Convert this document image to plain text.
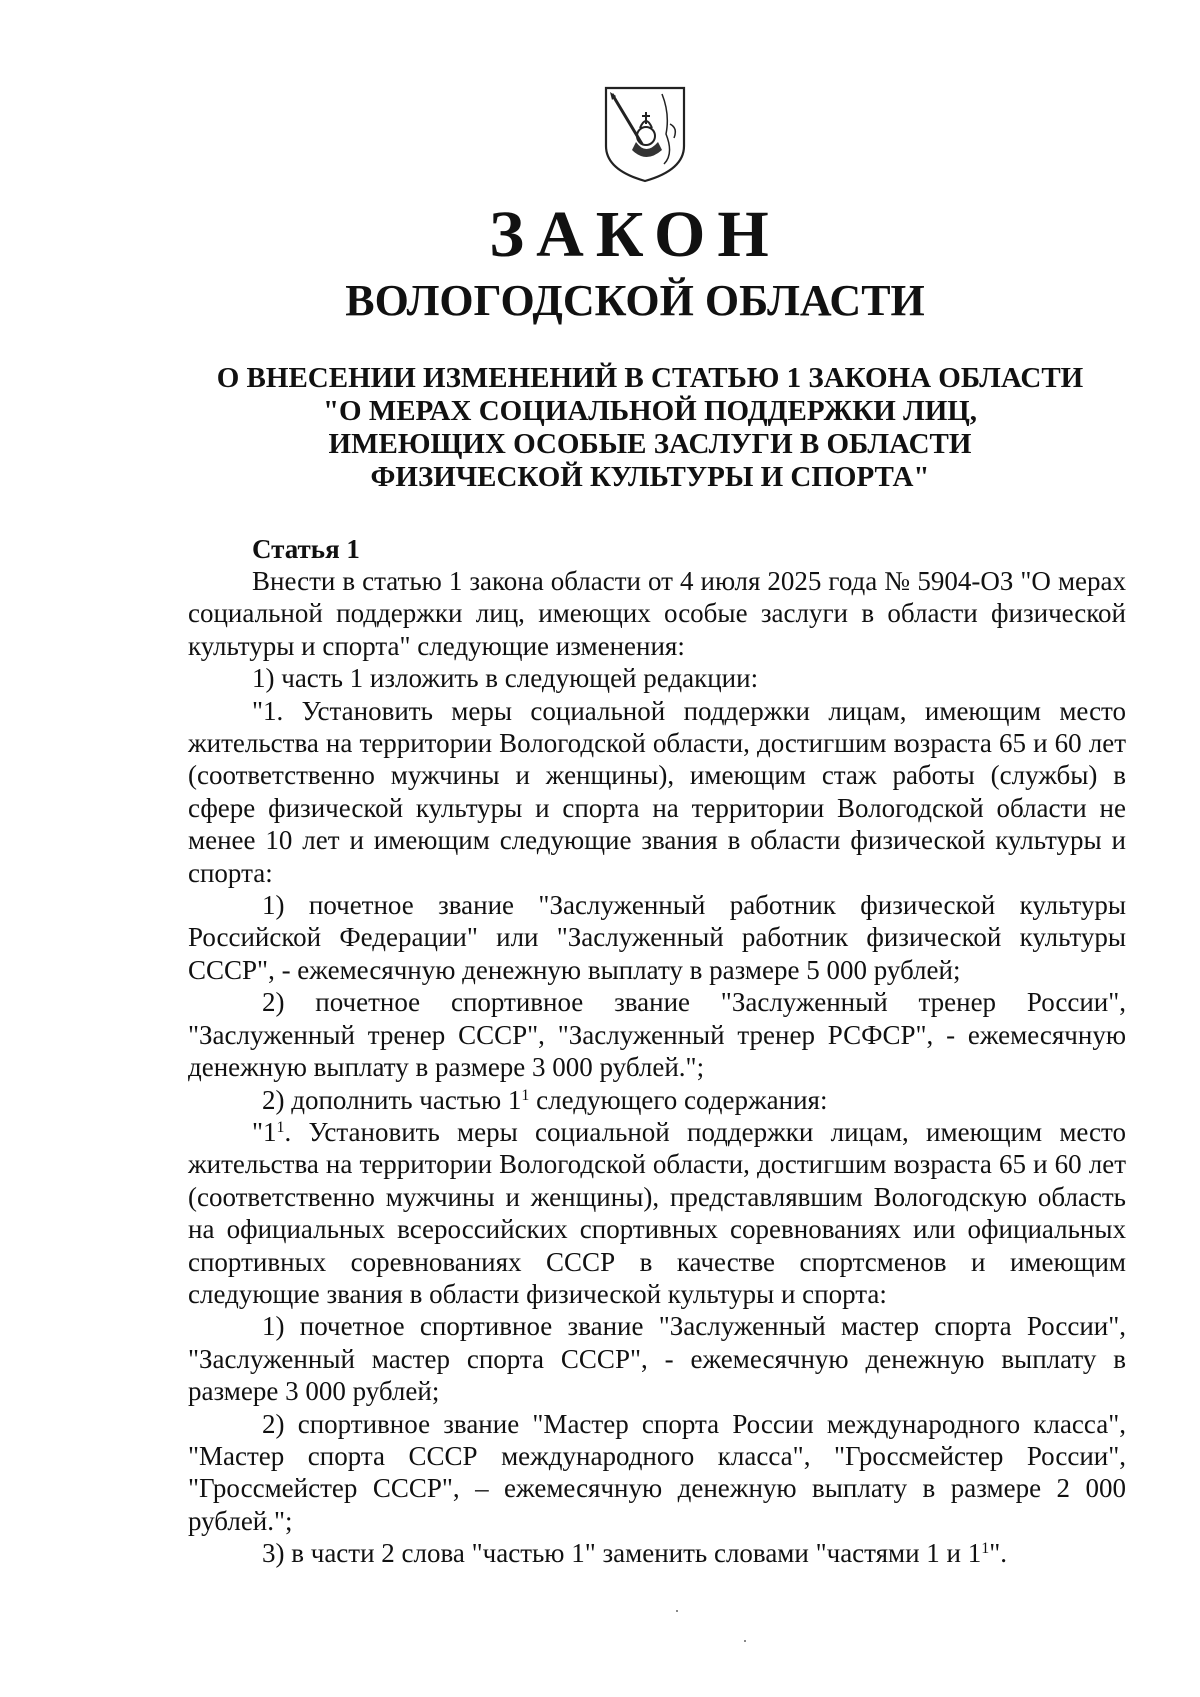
ЗАКОН
ВОЛОГОДСКОЙ ОБЛАСТИ
О ВНЕСЕНИИ ИЗМЕНЕНИЙ В СТАТЬЮ 1 ЗАКОНА ОБЛАСТИ
"О МЕРАХ СОЦИАЛЬНОЙ ПОДДЕРЖКИ ЛИЦ,
ИМЕЮЩИХ ОСОБЫЕ ЗАСЛУГИ В ОБЛАСТИ
ФИЗИЧЕСКОЙ КУЛЬТУРЫ И СПОРТА"
Статья 1

Внести в статью 1 закона области от 4 июля 2025 года № 5904-ОЗ "О мерах социальной поддержки лиц, имеющих особые заслуги в области физической культуры и спорта" следующие изменения:

1) часть 1 изложить в следующей редакции:

"1. Установить меры социальной поддержки лицам, имеющим место жительства на территории Вологодской области, достигшим возраста 65 и 60 лет (соответственно мужчины и женщины), имеющим стаж работы (службы) в сфере физической культуры и спорта на территории Вологодской области не менее 10 лет и имеющим следующие звания в области физической культуры и спорта:

1) почетное звание "Заслуженный работник физической культуры Российской Федерации" или "Заслуженный работник физической культуры СССР", - ежемесячную денежную выплату в размере 5 000 рублей;

2) почетное спортивное звание "Заслуженный тренер России", "Заслуженный тренер СССР", "Заслуженный тренер РСФСР", - ежемесячную денежную выплату в размере 3 000 рублей.";

2) дополнить частью $1^1$ следующего содержания:

"$1^1$. Установить меры социальной поддержки лицам, имеющим место жительства на территории Вологодской области, достигшим возраста 65 и 60 лет (соответственно мужчины и женщины), представлявшим Вологодскую область на официальных всероссийских спортивных соревнованиях или официальных спортивных соревнованиях СССР в качестве спортсменов и имеющим следующие звания в области физической культуры и спорта:

1) почетное спортивное звание "Заслуженный мастер спорта России", "Заслуженный мастер спорта СССР", - ежемесячную денежную выплату в размере 3 000 рублей;

2) спортивное звание "Мастер спорта России международного класса", "Мастер спорта СССР международного класса", "Гроссмейстер России", "Гроссмейстер СССР", – ежемесячную денежную выплату в размере 2 000 рублей.";

3) в части 2 слова "частью 1" заменить словами "частями 1 и $1^1$".
